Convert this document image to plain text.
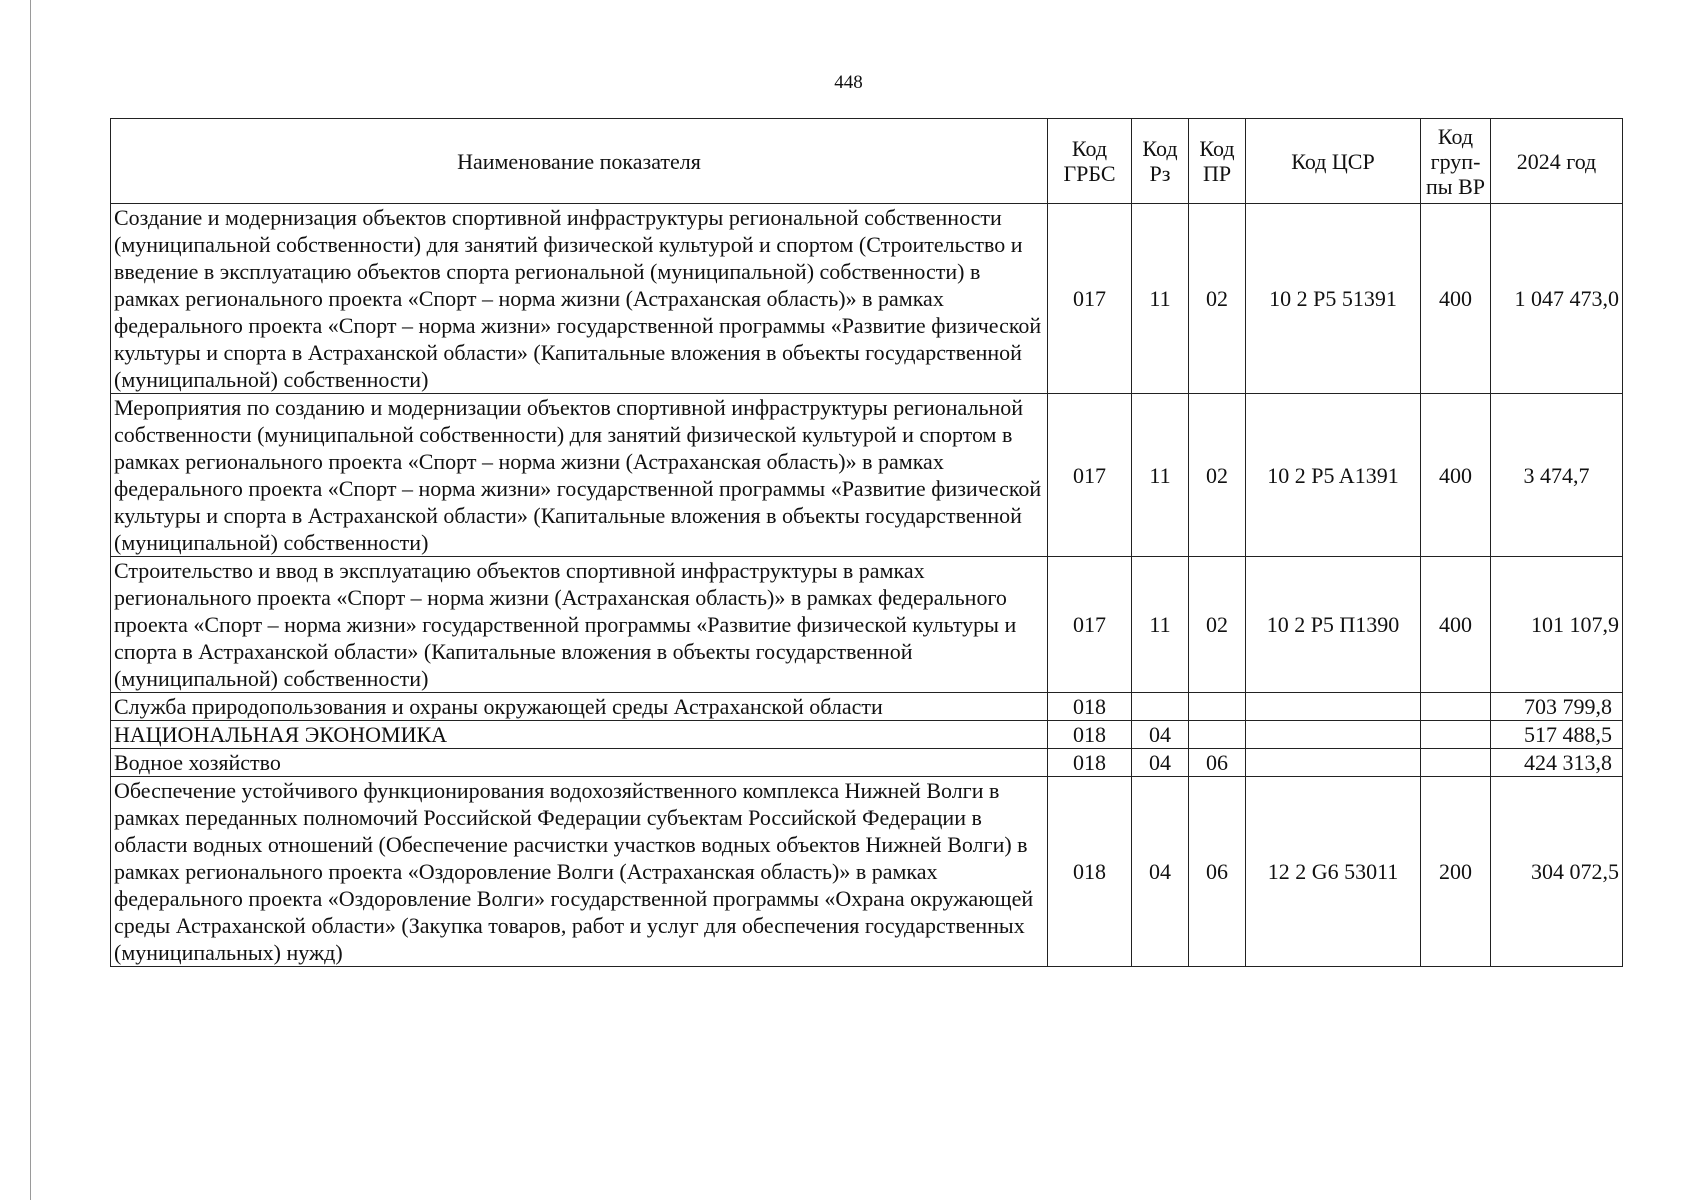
448
Наименование показателя	Код ГРБС	Код Рз	Код ПР	Код ЦСР	Код груп-пы ВР	2024 год
Создание и модернизация объектов спортивной инфраструктуры региональной собственности (муниципальной собственности) для занятий физической культурой и спортом (Строительство и введение в эксплуатацию объектов спорта региональной (муниципальной) собственности) в рамках регионального проекта «Спорт – норма жизни (Астраханская область)» в рамках федерального проекта «Спорт – норма жизни» государственной программы «Развитие физической культуры и спорта в Астраханской области» (Капитальные вложения в объекты государственной (муниципальной) собственности)	017	11	02	10 2 P5 51391	400	1 047 473,0
Мероприятия по созданию и модернизации объектов спортивной инфраструктуры региональной собственности (муниципальной собственности) для занятий физической культурой и спортом в рамках регионального проекта «Спорт – норма жизни (Астраханская область)» в рамках федерального проекта «Спорт – норма жизни» государственной программы «Развитие физической культуры и спорта в Астраханской области» (Капитальные вложения в объекты государственной (муниципальной) собственности)	017	11	02	10 2 P5 A1391	400	3 474,7
Строительство и ввод в эксплуатацию объектов спортивной инфраструктуры в рамках регионального проекта «Спорт – норма жизни (Астраханская область)» в рамках федерального проекта «Спорт – норма жизни» государственной программы «Развитие физической культуры и спорта в Астраханской области» (Капитальные вложения в объекты государственной (муниципальной) собственности)	017	11	02	10 2 P5 П1390	400	101 107,9
Служба природопользования и охраны окружающей среды Астраханской области	018					703 799,8
НАЦИОНАЛЬНАЯ ЭКОНОМИКА	018	04				517 488,5
Водное хозяйство	018	04	06			424 313,8
Обеспечение устойчивого функционирования водохозяйственного комплекса Нижней Волги в рамках переданных полномочий Российской Федерации субъектам Российской Федерации в области водных отношений (Обеспечение расчистки участков водных объектов Нижней Волги) в рамках регионального проекта «Оздоровление Волги (Астраханская область)» в рамках федерального проекта «Оздоровление Волги» государственной программы «Охрана окружающей среды Астраханской области» (Закупка товаров, работ и услуг для обеспечения государственных (муниципальных) нужд)	018	04	06	12 2 G6 53011	200	304 072,5
